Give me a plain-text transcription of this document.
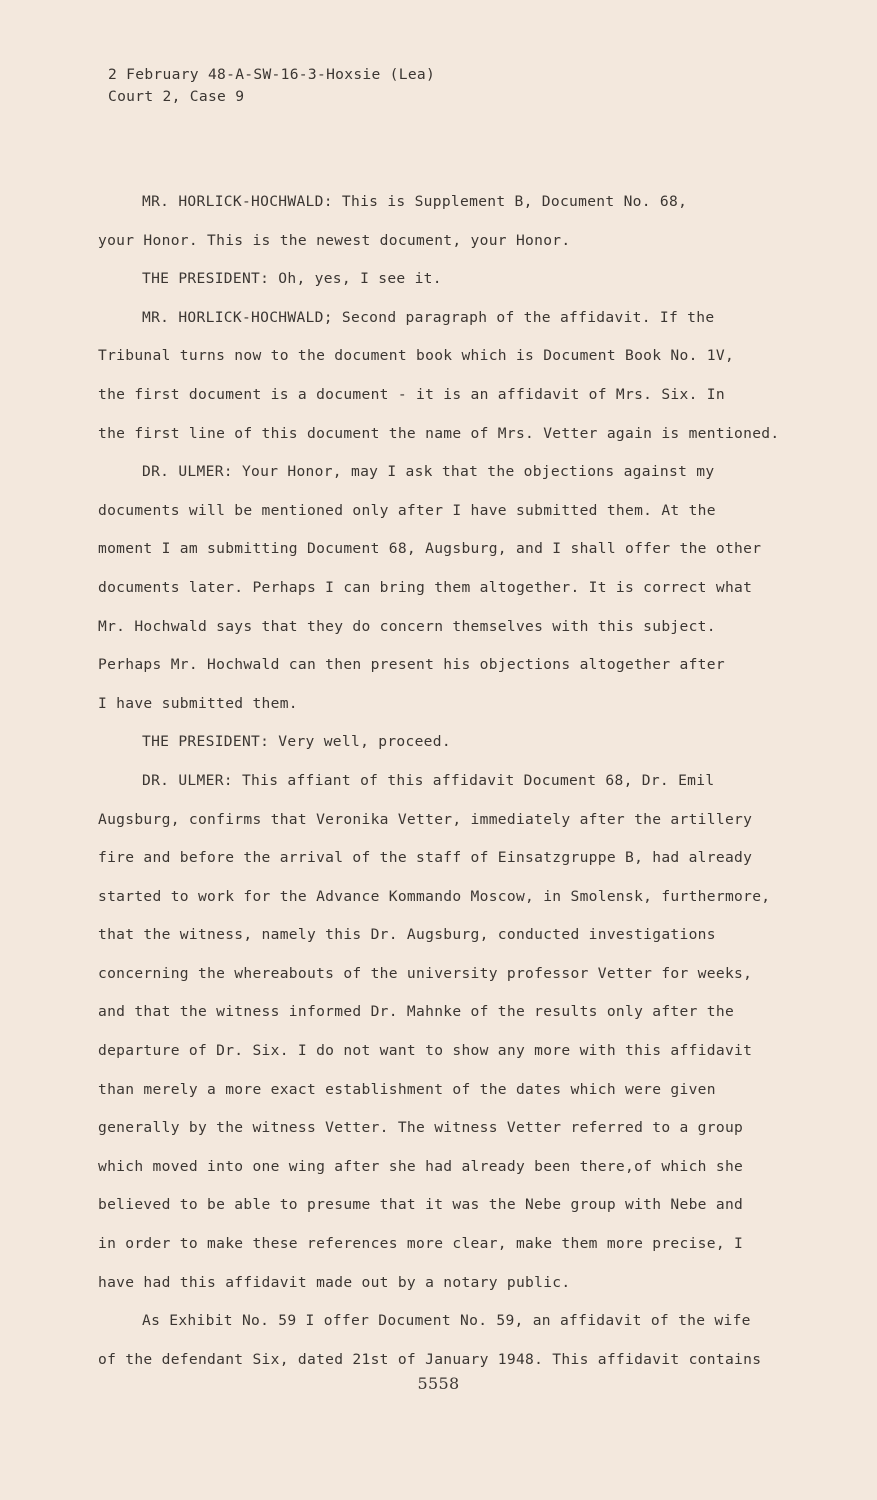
2 February 48-A-SW-16-3-Hoxsie (Lea)
Court 2, Case 9
MR. HORLICK-HOCHWALD: This is Supplement B, Document No. 68,
your Honor. This is the newest document, your Honor.
THE PRESIDENT: Oh, yes, I see it.
MR. HORLICK-HOCHWALD; Second paragraph of the affidavit. If the
Tribunal turns now to the document book which is Document Book No. 1V,
the first document is a document - it is an affidavit of Mrs. Six. In
the first line of this document the name of Mrs. Vetter again is mentioned.
DR. ULMER: Your Honor, may I ask that the objections against my
documents will be mentioned only after I have submitted them. At the
moment I am submitting Document 68, Augsburg, and I shall offer the other
documents later. Perhaps I can bring them altogether. It is correct what
Mr. Hochwald says that they do concern themselves with this subject.
Perhaps Mr. Hochwald can then present his objections altogether after
I have submitted them.
THE PRESIDENT: Very well, proceed.
DR. ULMER: This affiant of this affidavit Document 68, Dr. Emil
Augsburg, confirms that Veronika Vetter, immediately after the artillery
fire and before the arrival of the staff of Einsatzgruppe B, had already
started to work for the Advance Kommando Moscow, in Smolensk, furthermore,
that the witness, namely this Dr. Augsburg, conducted investigations
concerning the whereabouts of the university professor Vetter for weeks,
and that the witness informed Dr. Mahnke of the results only after the
departure of Dr. Six. I do not want to show any more with this affidavit
than merely a more exact establishment of the dates which were given
generally by the witness Vetter. The witness Vetter referred to a group
which moved into one wing after she had already been there,of which she
believed to be able to presume that it was the Nebe group with Nebe and
in order to make these references more clear, make them more precise, I
have had this affidavit made out by a notary public.
As Exhibit No. 59 I offer Document No. 59, an affidavit of the wife
of the defendant Six, dated 21st of January 1948. This affidavit contains
5558
